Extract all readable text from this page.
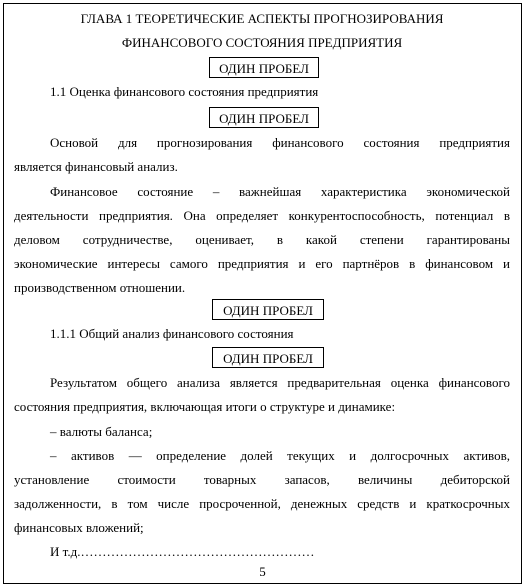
ГЛАВА 1 ТЕОРЕТИЧЕСКИЕ АСПЕКТЫ ПРОГНОЗИРОВАНИЯ
ФИНАНСОВОГО СОСТОЯНИЯ ПРЕДПРИЯТИЯ
ОДИН ПРОБЕЛ
1.1 Оценка финансового состояния предприятия
ОДИН ПРОБЕЛ
Основой для прогнозирования финансового состояния предприятия
является финансовый анализ.
Финансовое состояние – важнейшая характеристика экономической
деятельности предприятия. Она определяет конкурентоспособность, потенциал в
деловом сотрудничестве, оценивает, в какой степени гарантированы
экономические интересы самого предприятия и его партнёров в финансовом и
производственном отношении.
ОДИН ПРОБЕЛ
1.1.1 Общий анализ финансового состояния
ОДИН ПРОБЕЛ
Результатом общего анализа является предварительная оценка финансового
состояния предприятия, включающая итоги о структуре и динамике:
– валюты баланса;
– активов — определение долей текущих и долгосрочных активов,
установление стоимости товарных запасов, величины дебиторской
задолженности, в том числе просроченной, денежных средств и краткосрочных
финансовых вложений;
И т.д.………………………………………………
5
